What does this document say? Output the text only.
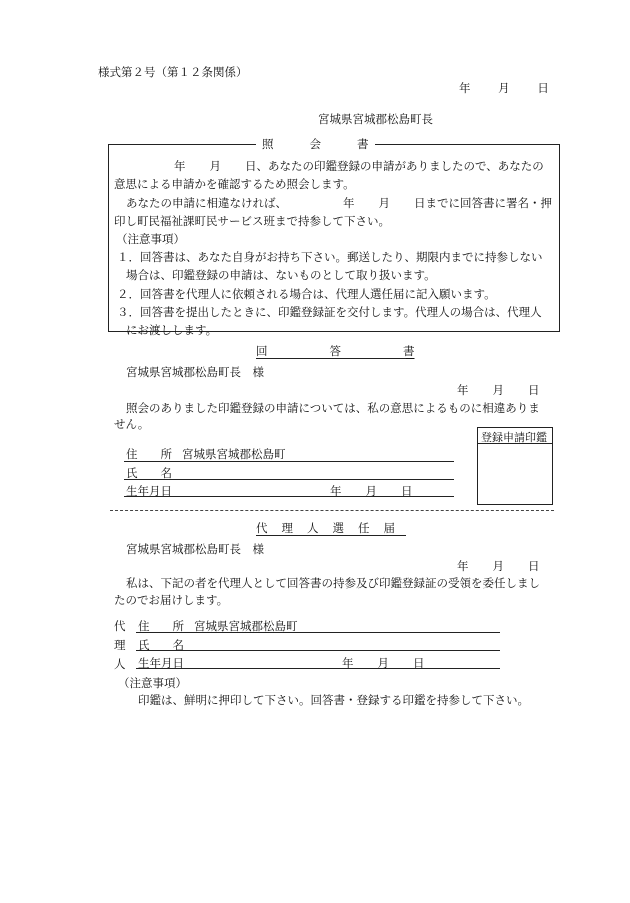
様式第２号（第１２条関係）
年 月 日
宮城県宮城郡松島町長
照	会	書
年 月 日、あなたの印鑑登録の申請がありましたので、あなたの
意思による申請かを確認するため照会します。
あなたの申請に相違なければ、	年 月 日までに回答書に署名・押
印し町民福祉課町民サービス班まで持参して下さい。
（注意事項）
１．回答書は、あなた自身がお持ち下さい。郵送したり、期限内までに持参しない
場合は、印鑑登録の申請は、ないものとして取り扱います。
２．回答書を代理人に依頼される場合は、代理人選任届に記入願います。
３．回答書を提出したときに、印鑑登録証を交付します。代理人の場合は、代理人
にお渡しします。
回	答	書
宮城県宮城郡松島町長　様
年 月 日
照会のありました印鑑登録の申請については、私の意思によるものに相違ありま
せん。
住　　所 宮城県宮城郡松島町
氏　　名
生年月日	年 月 日
登録申請印鑑
代 理 人 選 任 届
宮城県宮城郡松島町長　様
年 月 日
私は、下記の者を代理人として回答書の持参及び印鑑登録証の受領を委任しまし
たのでお届けします。
代
理
人
住　　所 宮城県宮城郡松島町
氏　　名
生年月日	年 月 日
（注意事項）
印鑑は、鮮明に押印して下さい。回答書・登録する印鑑を持参して下さい。
